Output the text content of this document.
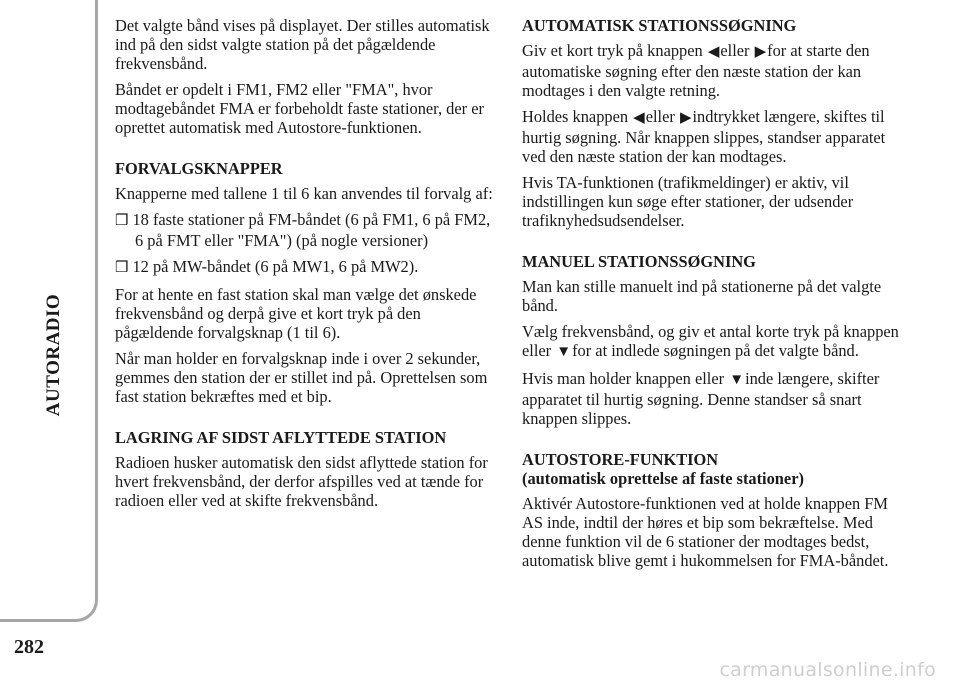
AUTORADIO
282

Det valgte bånd vises på displayet. Der stilles automatisk ind på den sidst valgte station på det pågældende frekvensbånd.

Båndet er opdelt i FM1, FM2 eller "FMA", hvor modtagebåndet FMA er forbeholdt faste stationer, der er oprettet automatisk med Autostore-funktionen.

FORVALGSKNAPPER

Knapperne med tallene 1 til 6 kan anvendes til forvalg af:

❒ 18 faste stationer på FM-båndet (6 på FM1, 6 på FM2, 6 på FMT eller "FMA") (på nogle versioner)

❒ 12 på MW-båndet (6 på MW1, 6 på MW2).

For at hente en fast station skal man vælge det ønskede frekvensbånd og derpå give et kort tryk på den pågældende forvalgsknap (1 til 6).

Når man holder en forvalgsknap inde i over 2 sekunder, gemmes den station der er stillet ind på. Oprettelsen som fast station bekræftes med et bip.

LAGRING AF SIDST AFLYTTEDE STATION

Radioen husker automatisk den sidst aflyttede station for hvert frekvensbånd, der derfor afspilles ved at tænde for radioen eller ved at skifte frekvensbånd.

AUTOMATISK STATIONSSØGNING

Giv et kort tryk på knappen ◀eller ▶for at starte den automatiske søgning efter den næste station der kan modtages i den valgte retning.

Holdes knappen ◀eller ▶indtrykket længere, skiftes til hurtig søgning. Når knappen slippes, standser apparatet ved den næste station der kan modtages.

Hvis TA-funktionen (trafikmeldinger) er aktiv, vil indstillingen kun søge efter stationer, der udsender trafiknyhedsudsendelser.

MANUEL STATIONSSØGNING

Man kan stille manuelt ind på stationerne på det valgte bånd.

Vælg frekvensbånd, og giv et antal korte tryk på knappen eller ▼for at indlede søgningen på det valgte bånd.

Hvis man holder knappen eller ▼inde længere, skifter apparatet til hurtig søgning. Denne standser så snart knappen slippes.

AUTOSTORE-FUNKTION
(automatisk oprettelse af faste stationer)

Aktivér Autostore-funktionen ved at holde knappen FM AS inde, indtil der høres et bip som bekræftelse. Med denne funktion vil de 6 stationer der modtages bedst, automatisk blive gemt i hukommelsen for FMA-båndet.

carmanualsonline.info
